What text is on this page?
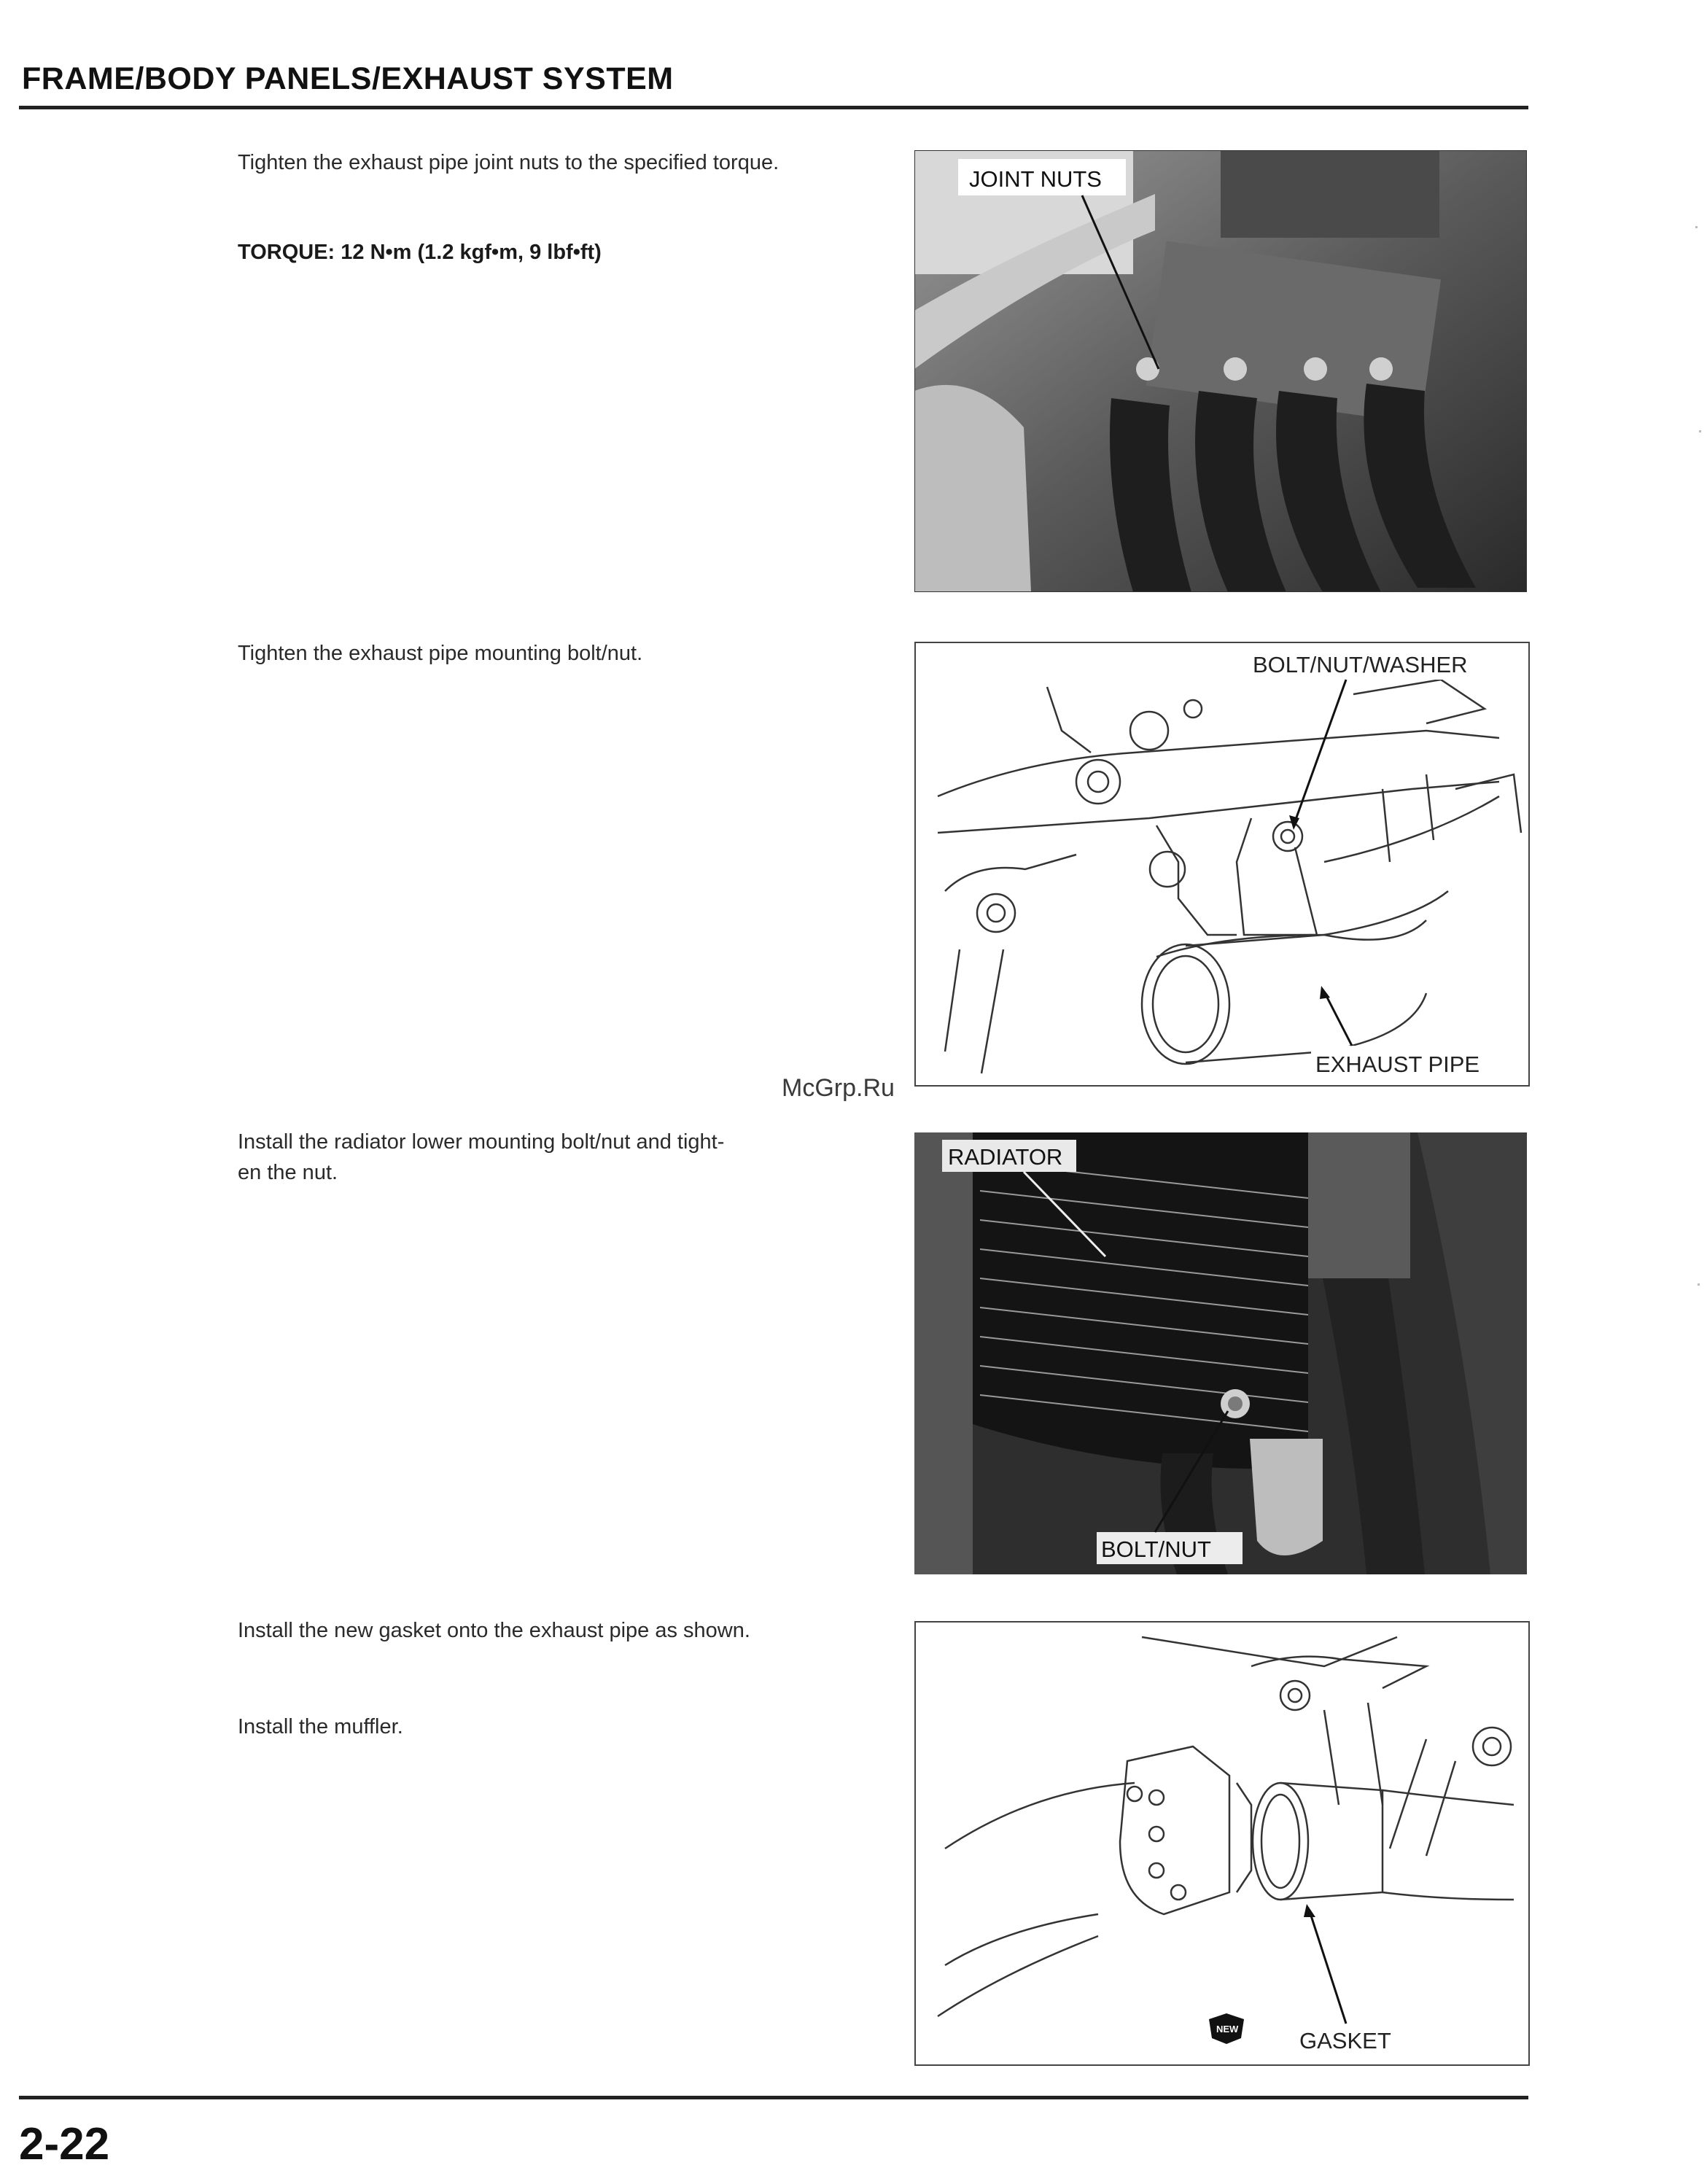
FRAME/BODY PANELS/EXHAUST SYSTEM
Tighten the exhaust pipe joint nuts to the specified torque.
TORQUE: 12 N•m (1.2 kgf•m, 9 lbf•ft)
JOINT NUTS
Tighten the exhaust pipe mounting bolt/nut.	BOLT/NUT/WASHER
EXHAUST PIPE
McGrp.Ru
Install the radiator lower mounting bolt/nut and tight-
en the nut.
RADIATOR
BOLT/NUT
Install the new gasket onto the exhaust pipe as shown.
Install the muffler.
NEW	GASKET
2-22
